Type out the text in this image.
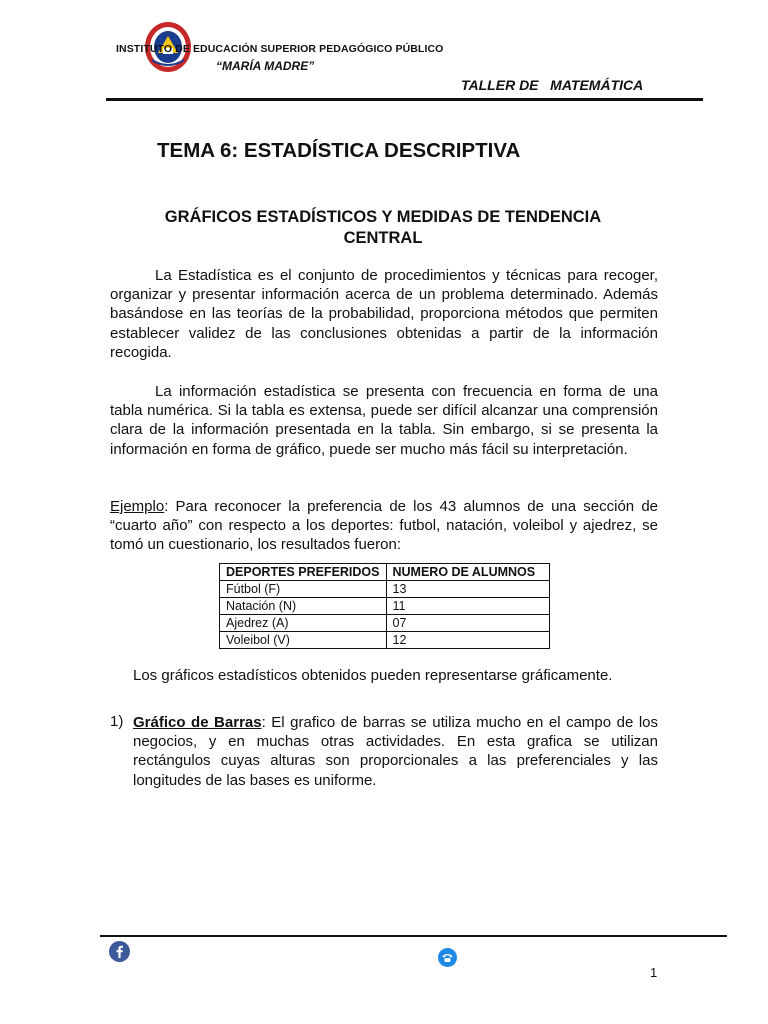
INSTITUTO DE EDUCACIÓN SUPERIOR PEDAGÓGICO PÚBLICO
“MARÍA MADRE”
TALLER DE   MATEMÁTICA
TEMA 6: ESTADÍSTICA DESCRIPTIVA
GRÁFICOS ESTADÍSTICOS Y MEDIDAS DE TENDENCIA CENTRAL

La Estadística es el conjunto de procedimientos y técnicas para recoger, organizar y presentar información acerca de un problema determinado. Además basándose en las teorías de la probabilidad, proporciona métodos que permiten establecer validez de las conclusiones obtenidas a partir de la información recogida.

La información estadística se presenta con frecuencia en forma de una tabla numérica. Si la tabla es extensa, puede ser difícil alcanzar una comprensión clara de la información presentada en la tabla. Sin embargo, si se presenta la información en forma de gráfico, puede ser mucho más fácil su interpretación.

Ejemplo: Para reconocer la preferencia de los 43 alumnos de una sección de “cuarto año” con respecto a los deportes: futbol, natación, voleibol y ajedrez, se tomó un cuestionario, los resultados fueron:

DEPORTES PREFERIDOS	NUMERO DE ALUMNOS
Fútbol (F)	13
Natación (N)	11
Ajedrez (A)	07
Voleibol (V)	12
Los gráficos estadísticos obtenidos pueden representarse gráficamente.
1) Gráfico de Barras: El grafico de barras se utiliza mucho en el campo de los negocios, y en muchas otras actividades. En esta grafica se utilizan rectángulos cuyas alturas son proporcionales a las preferenciales y las longitudes de las bases es uniforme.

1
